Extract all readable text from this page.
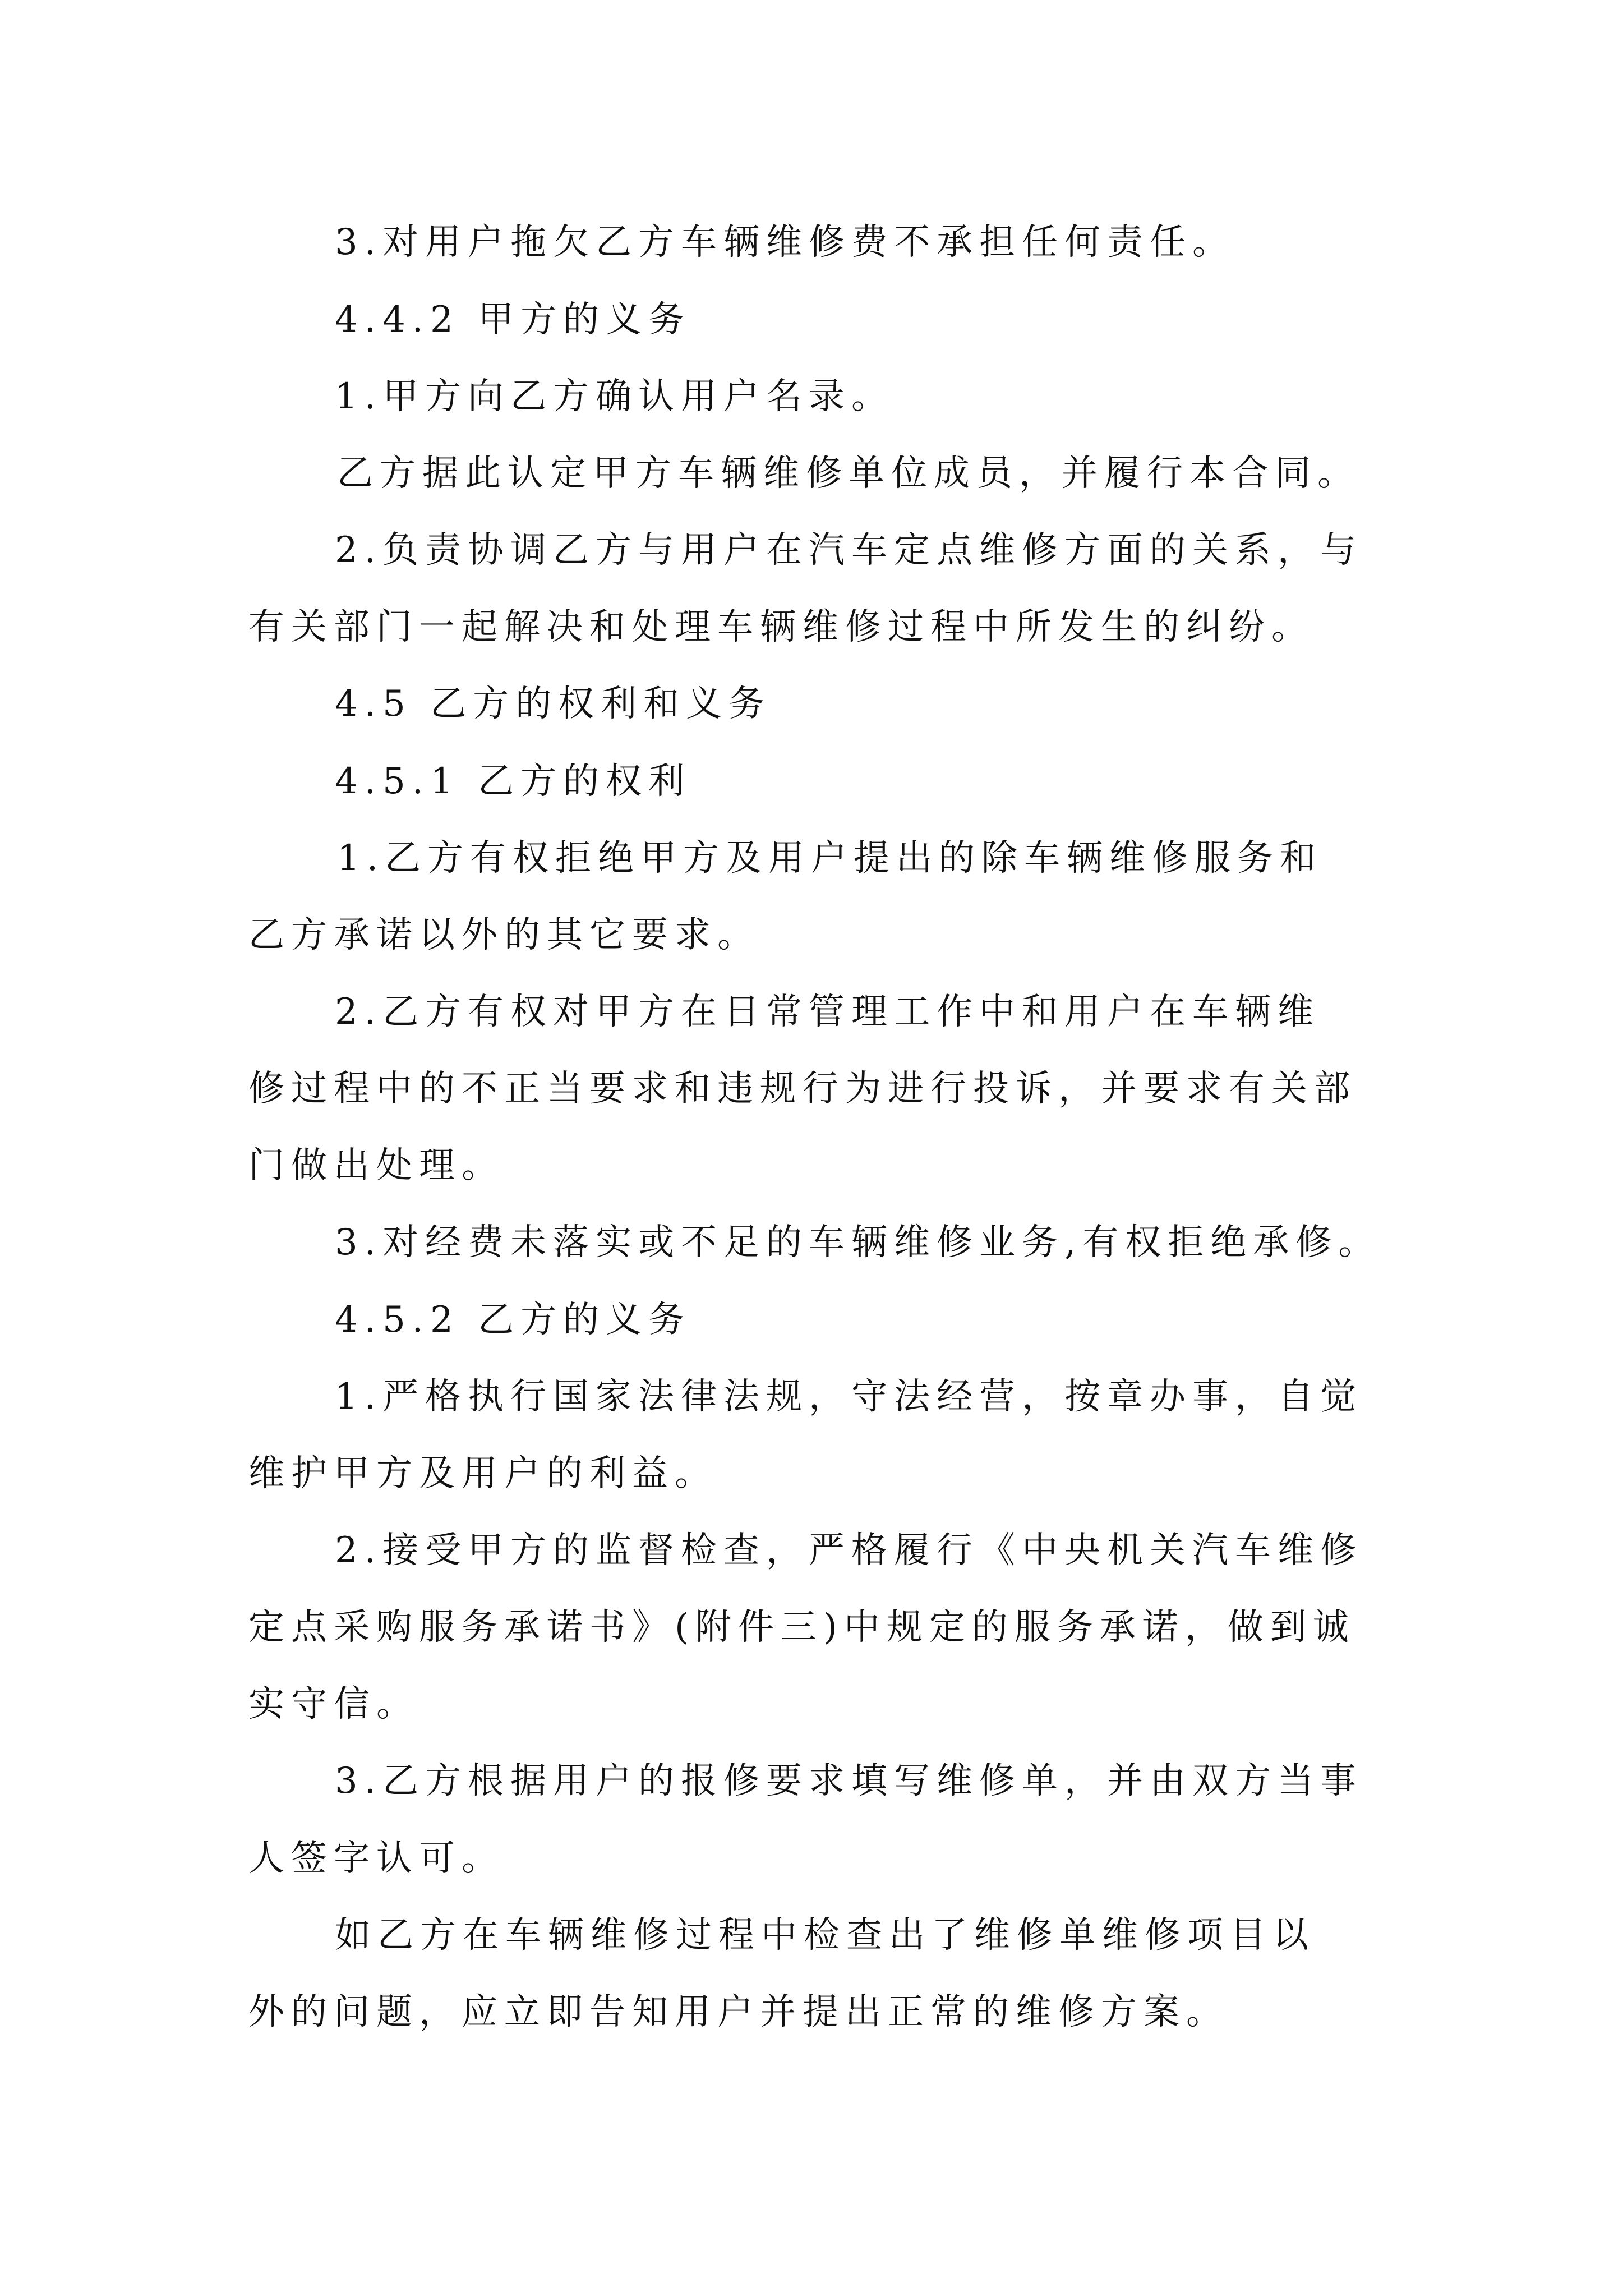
3.对用户拖欠乙方车辆维修费不承担任何责任。
4.4.2 甲方的义务
1.甲方向乙方确认用户名录。
乙方据此认定甲方车辆维修单位成员，并履行本合同。
2.负责协调乙方与用户在汽车定点维修方面的关系，与
有关部门一起解决和处理车辆维修过程中所发生的纠纷。
4.5 乙方的权利和义务
4.5.1 乙方的权利
1.乙方有权拒绝甲方及用户提出的除车辆维修服务和
乙方承诺以外的其它要求。
2.乙方有权对甲方在日常管理工作中和用户在车辆维
修过程中的不正当要求和违规行为进行投诉，并要求有关部
门做出处理。
3.对经费未落实或不足的车辆维修业务,有权拒绝承修。
4.5.2 乙方的义务
1.严格执行国家法律法规，守法经营，按章办事，自觉
维护甲方及用户的利益。
2.接受甲方的监督检查，严格履行《中央机关汽车维修
定点采购服务承诺书》(附件三)中规定的服务承诺，做到诚
实守信。
3.乙方根据用户的报修要求填写维修单，并由双方当事
人签字认可。
如乙方在车辆维修过程中检查出了维修单维修项目以
外的问题，应立即告知用户并提出正常的维修方案。
